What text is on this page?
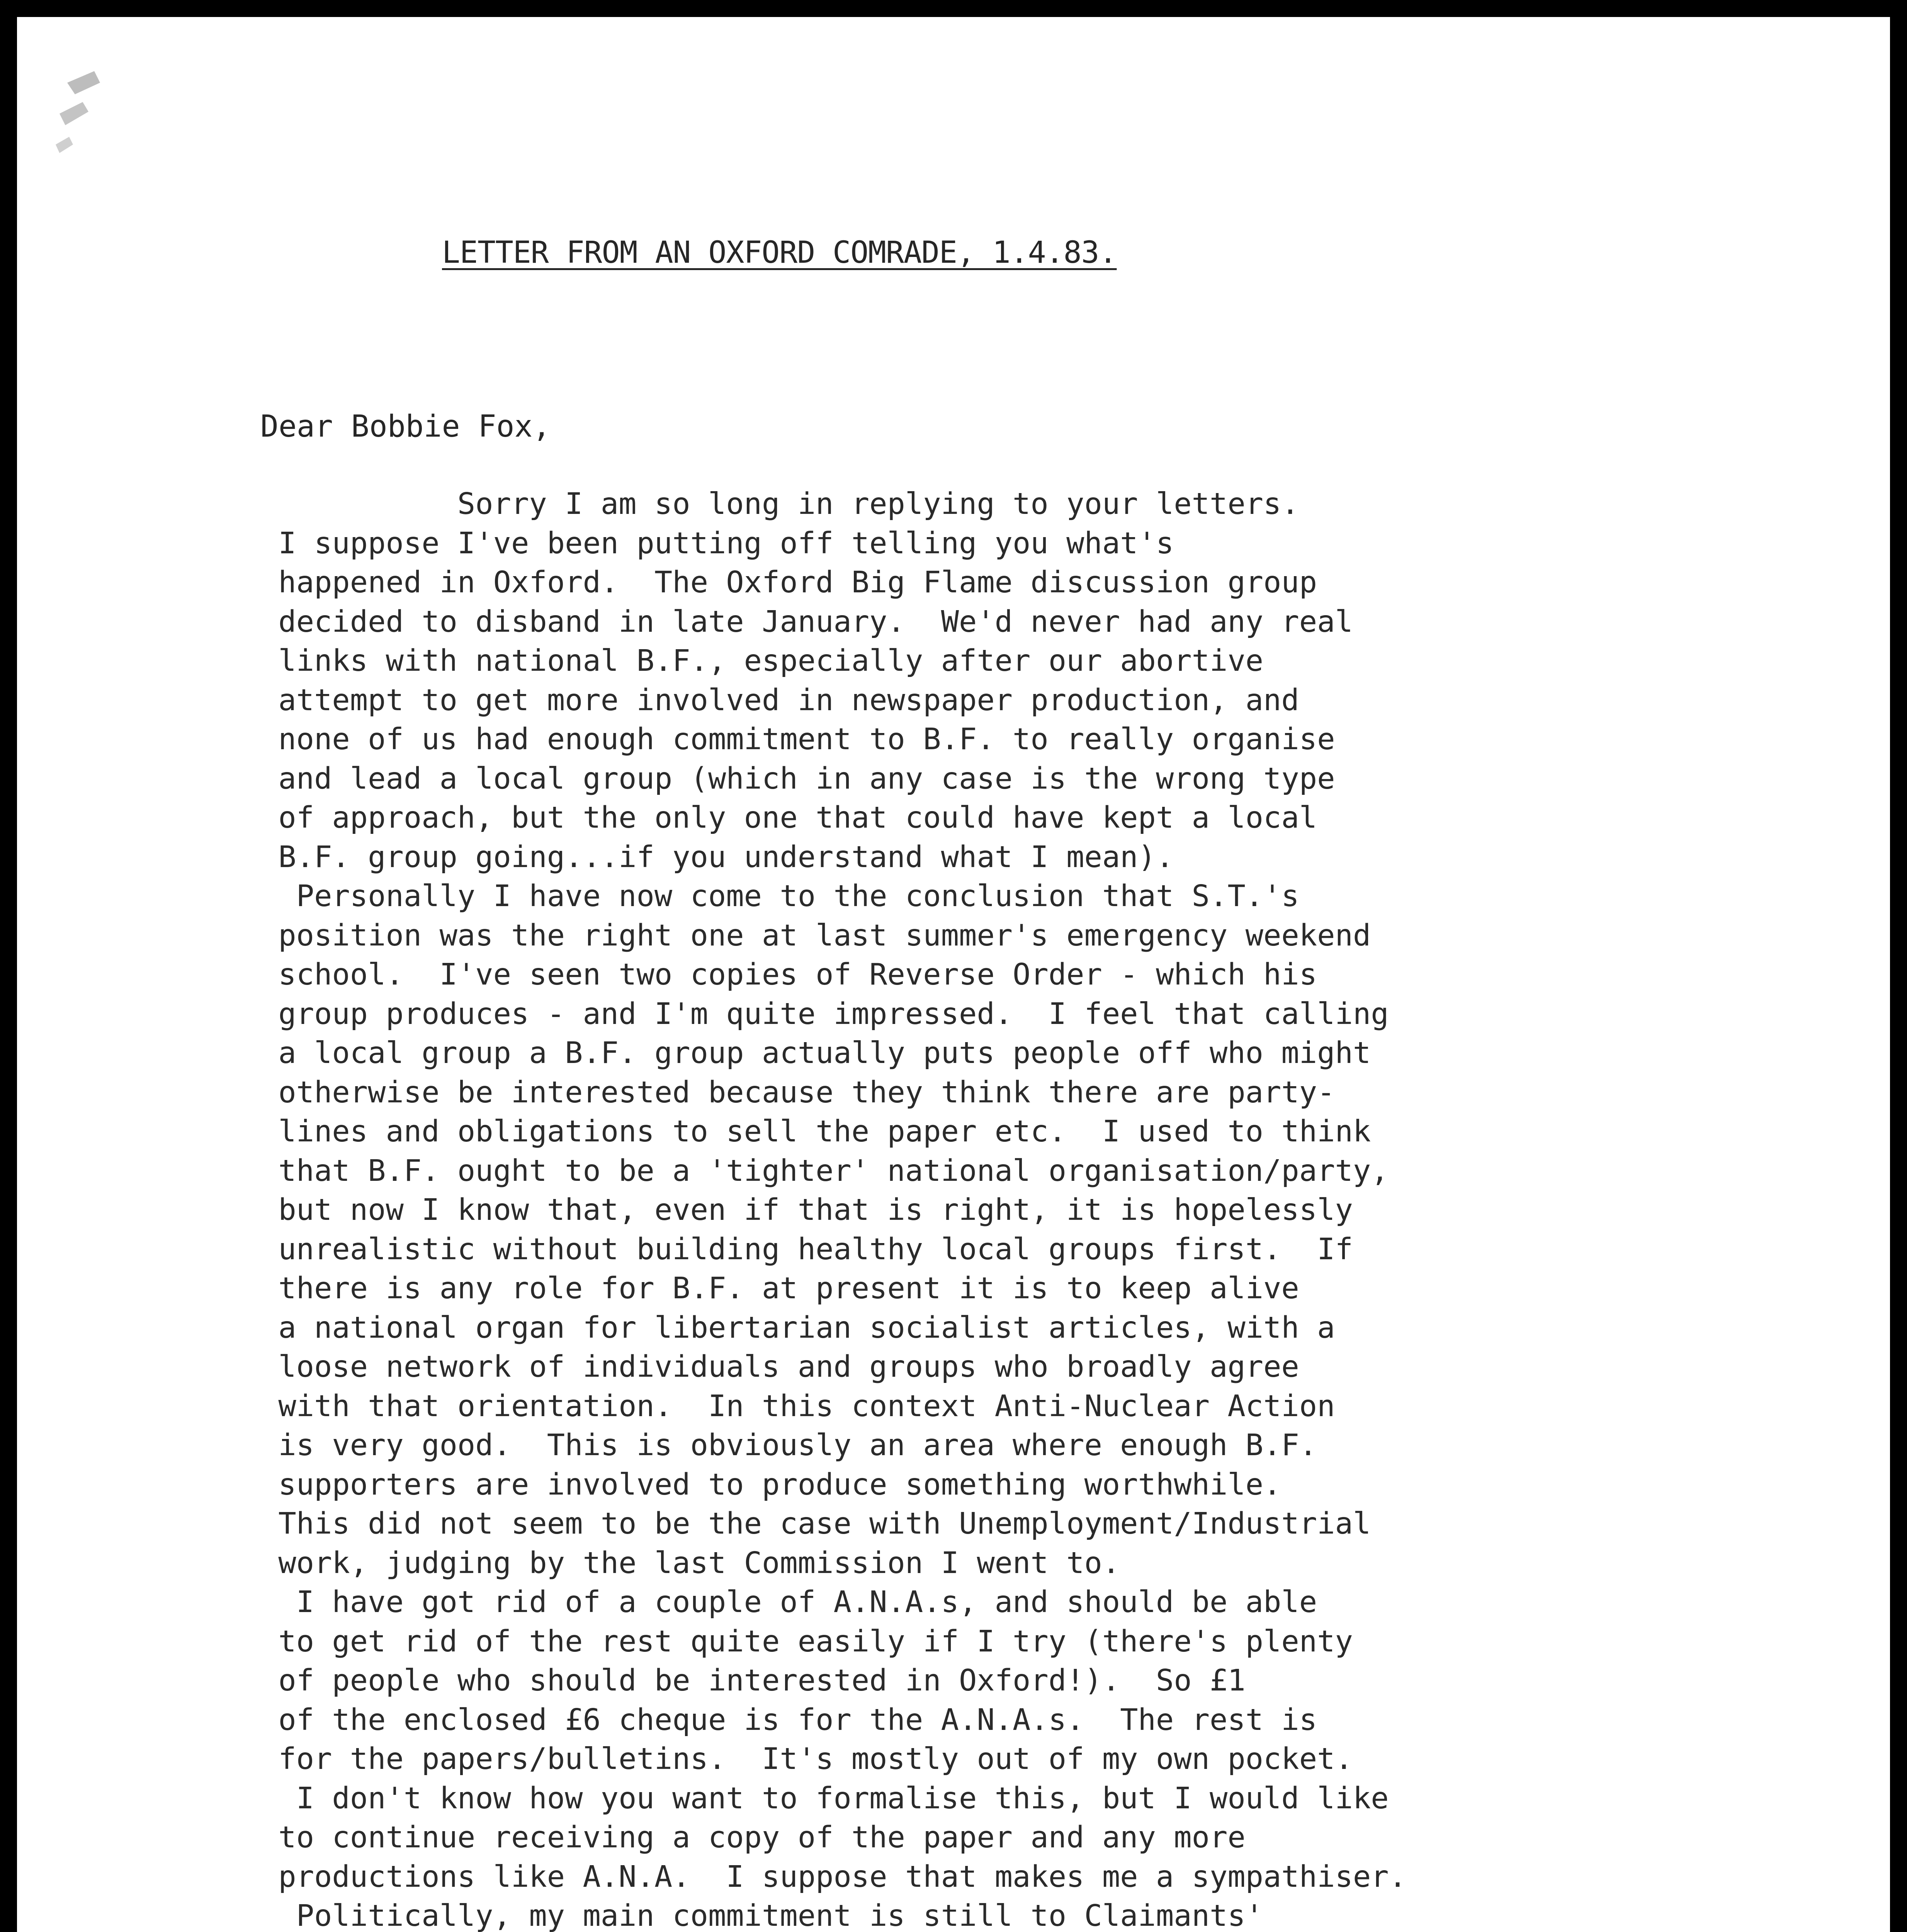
LETTER FROM AN OXFORD COMRADE, 1.4.83.
Dear Bobbie Fox,
Sorry I am so long in replying to your letters.
I suppose I've been putting off telling you what's
happened in Oxford.  The Oxford Big Flame discussion group
decided to disband in late January.  We'd never had any real
links with national B.F., especially after our abortive
attempt to get more involved in newspaper production, and
none of us had enough commitment to B.F. to really organise
and lead a local group (which in any case is the wrong type
of approach, but the only one that could have kept a local
B.F. group going...if you understand what I mean).
Personally I have now come to the conclusion that S.T.'s
position was the right one at last summer's emergency weekend
school.  I've seen two copies of Reverse Order - which his
group produces - and I'm quite impressed.  I feel that calling
a local group a B.F. group actually puts people off who might
otherwise be interested because they think there are party-
lines and obligations to sell the paper etc.  I used to think
that B.F. ought to be a 'tighter' national organisation/party,
but now I know that, even if that is right, it is hopelessly
unrealistic without building healthy local groups first.  If
there is any role for B.F. at present it is to keep alive
a national organ for libertarian socialist articles, with a
loose network of individuals and groups who broadly agree
with that orientation.  In this context Anti-Nuclear Action
is very good.  This is obviously an area where enough B.F.
supporters are involved to produce something worthwhile.
This did not seem to be the case with Unemployment/Industrial
work, judging by the last Commission I went to.
I have got rid of a couple of A.N.A.s, and should be able
to get rid of the rest quite easily if I try (there's plenty
of people who should be interested in Oxford!).  So £1
of the enclosed £6 cheque is for the A.N.A.s.  The rest is
for the papers/bulletins.  It's mostly out of my own pocket.
I don't know how you want to formalise this, but I would like
to continue receiving a copy of the paper and any more
productions like A.N.A.  I suppose that makes me a sympathiser.
Politically, my main commitment is still to Claimants'
